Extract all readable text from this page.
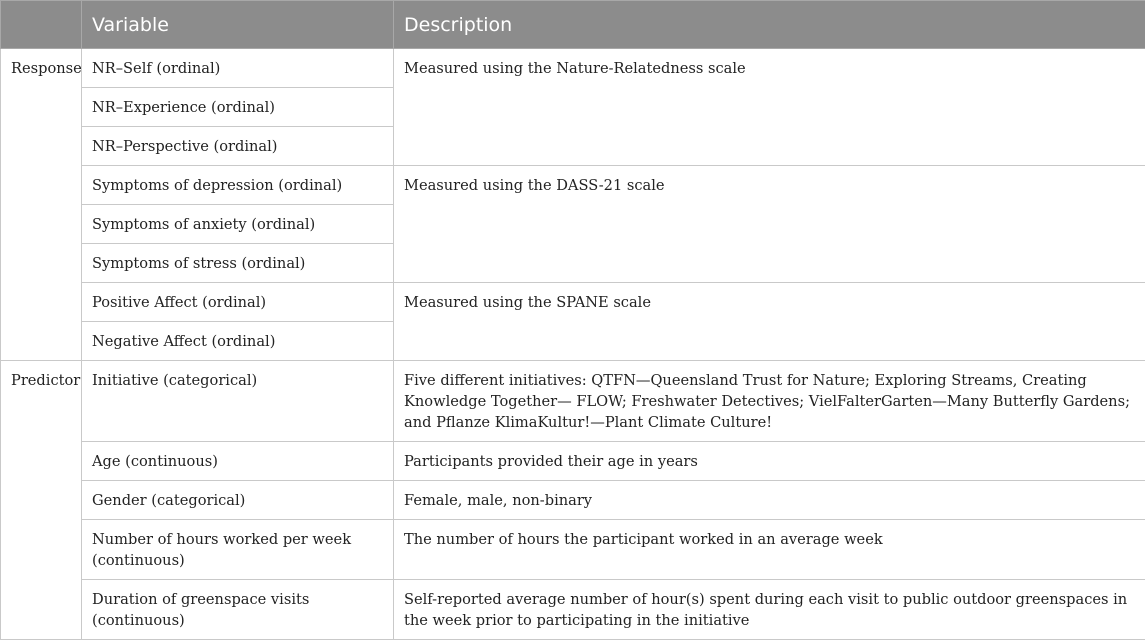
	Variable	Description
Response	NR–Self (ordinal)	Measured using the Nature-Relatedness scale
	NR–Experience (ordinal)	
	NR–Perspective (ordinal)	
	Symptoms of depression (ordinal)	Measured using the DASS-21 scale
	Symptoms of anxiety (ordinal)	
	Symptoms of stress (ordinal)	
	Positive Affect (ordinal)	Measured using the SPANE scale
	Negative Affect (ordinal)	
Predictor	Initiative (categorical)	Five different initiatives: QTFN—Queensland Trust for Nature; Exploring Streams, Creating Knowledge Together— FLOW; Freshwater Detectives; VielFalterGarten—Many Butterfly Gardens; and Pflanze KlimaKultur!—Plant Climate Culture!
	Age (continuous)	Participants provided their age in years
	Gender (categorical)	Female, male, non-binary
	Number of hours worked per week (continuous)	The number of hours the participant worked in an average week
	Duration of greenspace visits (continuous)	Self-reported average number of hour(s) spent during each visit to public outdoor greenspaces in the week prior to participating in the initiative
